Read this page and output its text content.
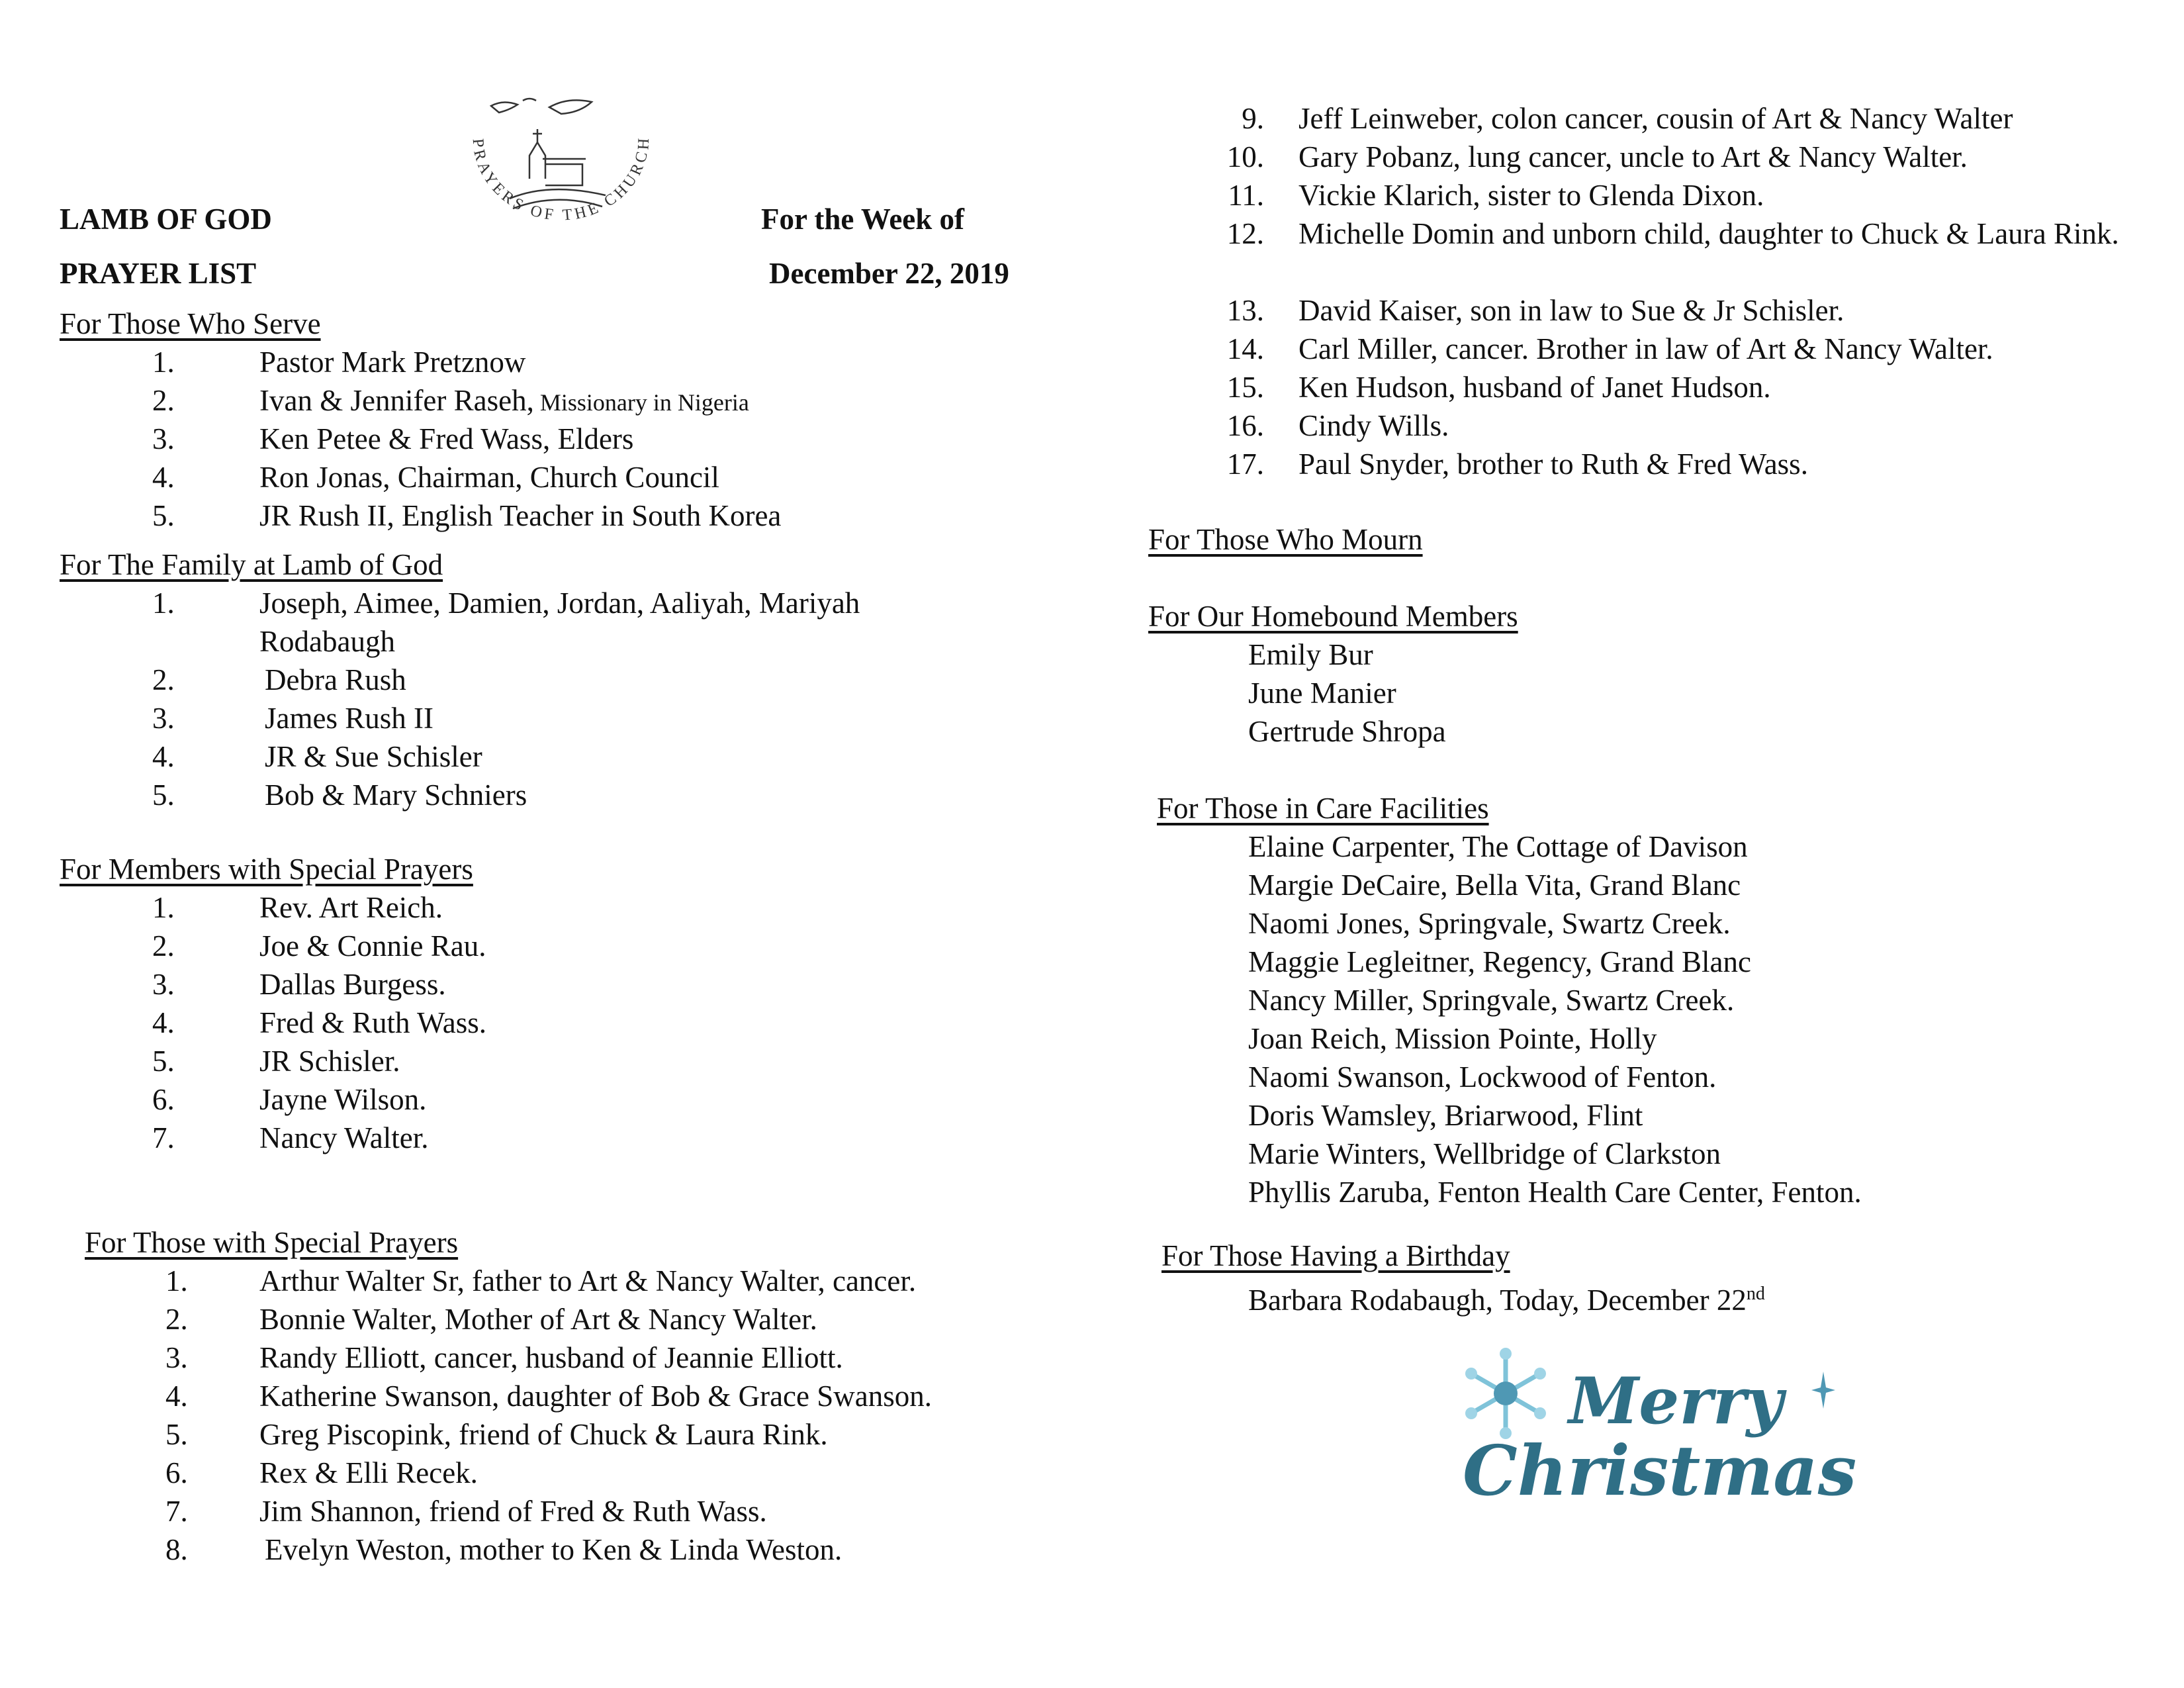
LAMB OF GOD
PRAYER LIST
For the Week of
December 22, 2019
PRAYERS OF THE CHURCH
For Those Who Serve
1.	Pastor Mark Pretznow
2.	Ivan & Jennifer Raseh, Missionary in Nigeria
3.	Ken Petee & Fred Wass, Elders
4.	Ron Jonas, Chairman, Church Council
5.	JR Rush II, English Teacher in South Korea
For The Family at Lamb of God
1.	Joseph, Aimee, Damien, Jordan, Aaliyah, Mariyah Rodabaugh
2.	Debra Rush
3.	James Rush II
4.	JR & Sue Schisler
5.	Bob & Mary Schniers
For Members with Special Prayers
1.	Rev. Art Reich.
2.	Joe & Connie Rau.
3.	Dallas Burgess.
4.	Fred & Ruth Wass.
5.	JR Schisler.
6.	Jayne Wilson.
7.	Nancy Walter.
For Those with Special Prayers
1.	Arthur Walter Sr, father to Art & Nancy Walter, cancer.
2.	Bonnie Walter, Mother of Art & Nancy Walter.
3.	Randy Elliott, cancer, husband of Jeannie Elliott.
4.	Katherine Swanson, daughter of Bob & Grace Swanson.
5.	Greg Piscopink, friend of Chuck & Laura Rink.
6.	Rex & Elli Recek.
7.	Jim Shannon, friend of Fred & Ruth Wass.
8.	Evelyn Weston, mother to Ken & Linda Weston.
9. Jeff Leinweber, colon cancer, cousin of Art & Nancy Walter
10. Gary Pobanz, lung cancer, uncle to Art & Nancy Walter.
11. Vickie Klarich, sister to Glenda Dixon.
12. Michelle Domin and unborn child, daughter to Chuck & Laura Rink.
13. David Kaiser, son in law to Sue & Jr Schisler.
14. Carl Miller, cancer. Brother in law of Art & Nancy Walter.
15. Ken Hudson, husband of Janet Hudson.
16. Cindy Wills.
17. Paul Snyder, brother to Ruth & Fred Wass.
For Those Who Mourn
For Our Homebound Members
Emily Bur
June Manier
Gertrude Shropa
For Those in Care Facilities
Elaine Carpenter, The Cottage of Davison
Margie DeCaire, Bella Vita, Grand Blanc
Naomi Jones, Springvale, Swartz Creek.
Maggie Legleitner, Regency, Grand Blanc
Nancy Miller, Springvale, Swartz Creek.
Joan Reich, Mission Pointe, Holly
Naomi Swanson, Lockwood of Fenton.
Doris Wamsley, Briarwood, Flint
Marie Winters, Wellbridge of Clarkston
Phyllis Zaruba, Fenton Health Care Center, Fenton.
For Those Having a Birthday
Barbara Rodabaugh, Today, December 22nd
Merry
Christmas
